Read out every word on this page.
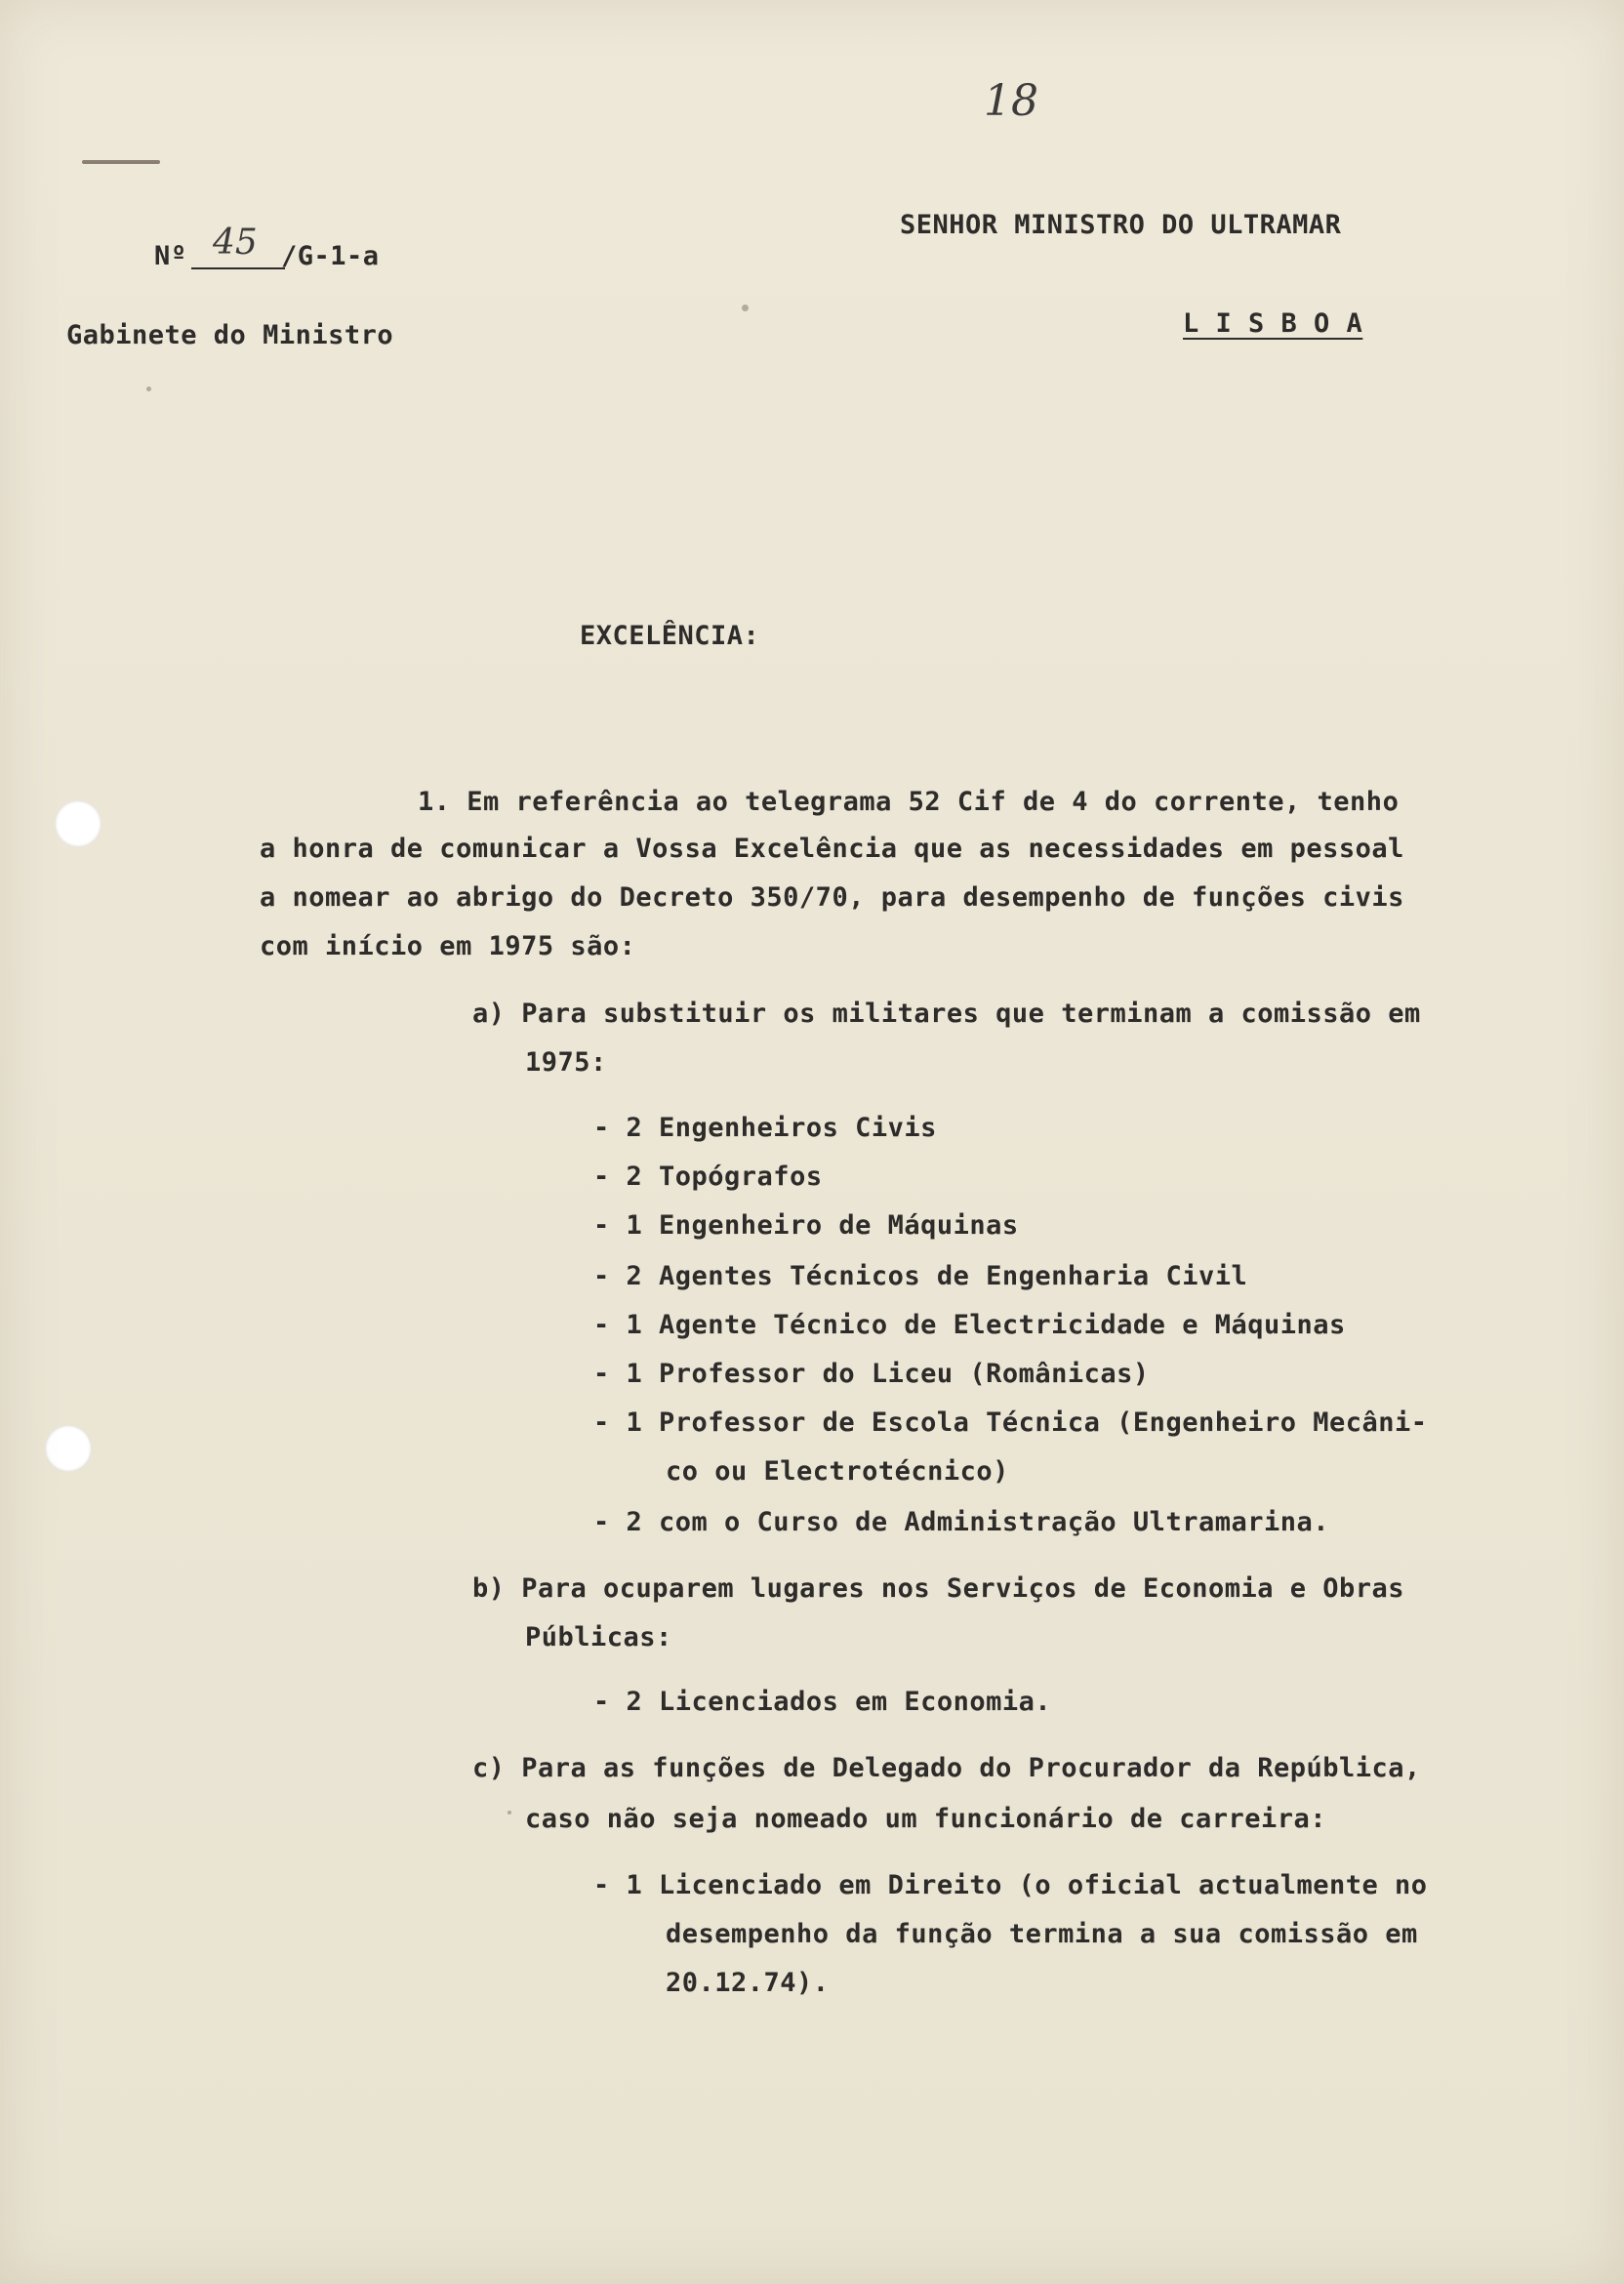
18
Nº 45 /G-1-a
Gabinete do Ministro
SENHOR MINISTRO DO ULTRAMAR
L I S B O A
EXCELÊNCIA:
1. Em referência ao telegrama 52 Cif de 4 do corrente, tenho
a honra de comunicar a Vossa Excelência que as necessidades em pessoal
a nomear ao abrigo do Decreto 350/70, para desempenho de funções civis
com início em 1975 são:
a) Para substituir os militares que terminam a comissão em
1975:
- 2 Engenheiros Civis
- 2 Topógrafos
- 1 Engenheiro de Máquinas
- 2 Agentes Técnicos de Engenharia Civil
- 1 Agente Técnico de Electricidade e Máquinas
- 1 Professor do Liceu (Românicas)
- 1 Professor de Escola Técnica (Engenheiro Mecâni-
co ou Electrotécnico)
- 2 com o Curso de Administração Ultramarina.
b) Para ocuparem lugares nos Serviços de Economia e Obras
Públicas:
- 2 Licenciados em Economia.
c) Para as funções de Delegado do Procurador da República,
caso não seja nomeado um funcionário de carreira:
- 1 Licenciado em Direito (o oficial actualmente no
desempenho da função termina a sua comissão em
20.12.74).
